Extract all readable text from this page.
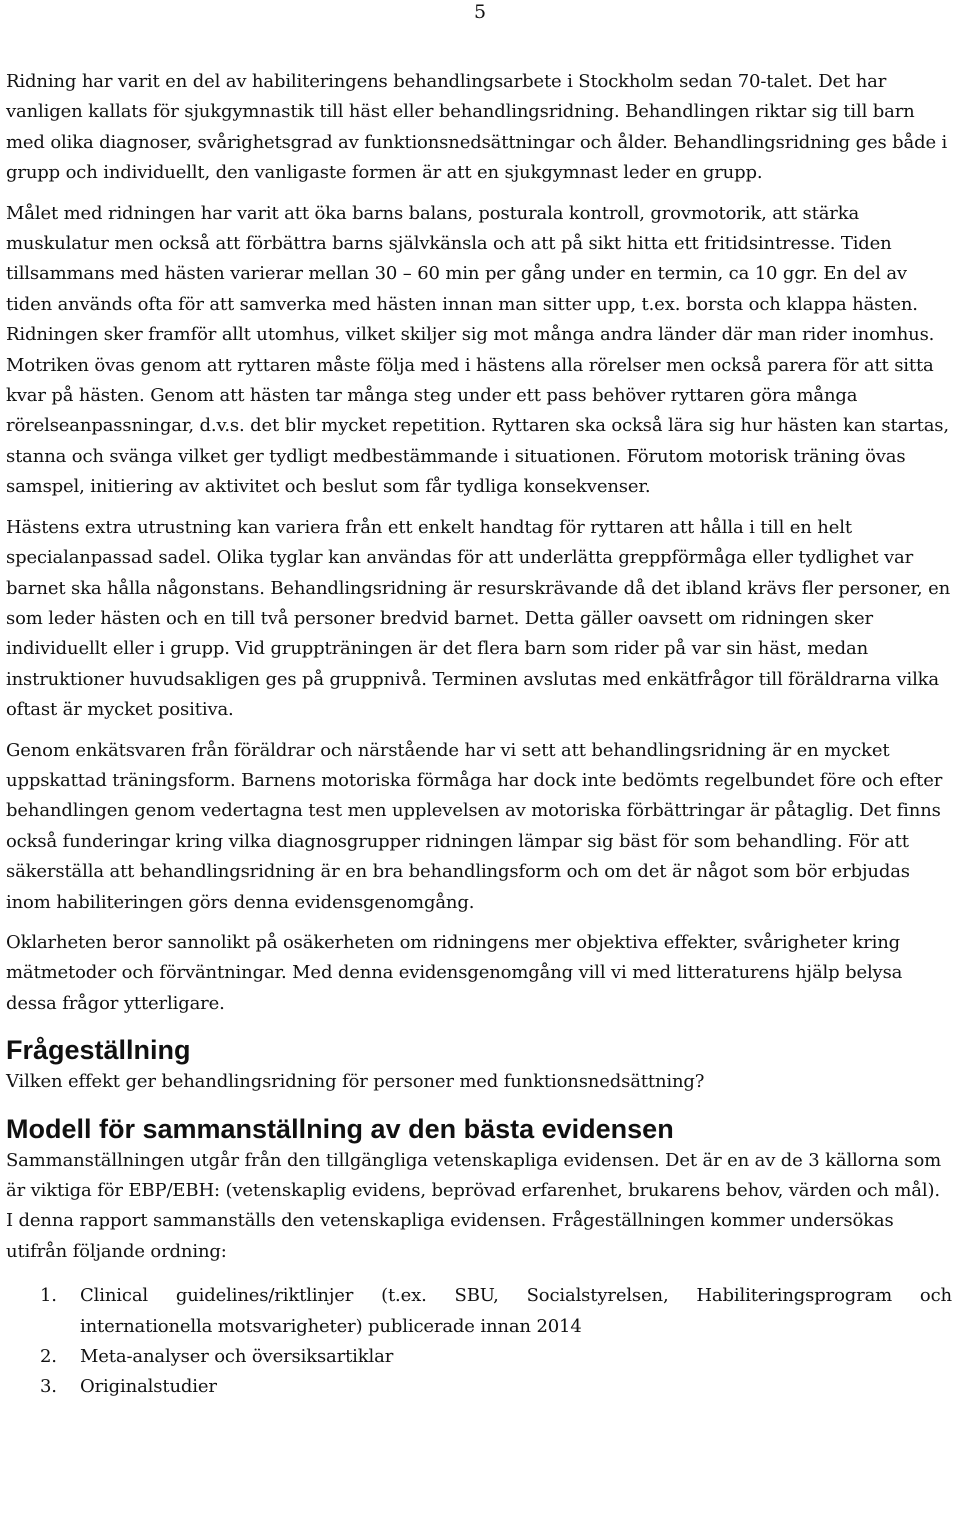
5

Ridning har varit en del av habiliteringens behandlingsarbete i Stockholm sedan 70-talet. Det har vanligen kallats för sjukgymnastik till häst eller behandlingsridning. Behandlingen riktar sig till barn med olika diagnoser, svårighetsgrad av funktionsnedsättningar och ålder. Behandlingsridning ges både i grupp och individuellt, den vanligaste formen är att en sjukgymnast leder en grupp.

Målet med ridningen har varit att öka barns balans, posturala kontroll, grovmotorik, att stärka muskulatur men också att förbättra barns självkänsla och att på sikt hitta ett fritidsintresse. Tiden tillsammans med hästen varierar mellan 30 – 60 min per gång under en termin, ca 10 ggr. En del av tiden används ofta för att samverka med hästen innan man sitter upp, t.ex. borsta och klappa hästen. Ridningen sker framför allt utomhus, vilket skiljer sig mot många andra länder där man rider inomhus. Motriken övas genom att ryttaren måste följa med i hästens alla rörelser men också parera för att sitta kvar på hästen. Genom att hästen tar många steg under ett pass behöver ryttaren göra många rörelseanpassningar, d.v.s. det blir mycket repetition. Ryttaren ska också lära sig hur hästen kan startas, stanna och svänga vilket ger tydligt medbestämmande i situationen. Förutom motorisk träning övas samspel, initiering av aktivitet och beslut som får tydliga konsekvenser.

Hästens extra utrustning kan variera från ett enkelt handtag för ryttaren att hålla i till en helt specialanpassad sadel. Olika tyglar kan användas för att underlätta greppförmåga eller tydlighet var barnet ska hålla någonstans. Behandlingsridning är resurskrävande då det ibland krävs fler personer, en som leder hästen och en till två personer bredvid barnet. Detta gäller oavsett om ridningen sker individuellt eller i grupp. Vid gruppträningen är det flera barn som rider på var sin häst, medan instruktioner huvudsakligen ges på gruppnivå. Terminen avslutas med enkätfrågor till föräldrarna vilka oftast är mycket positiva.

Genom enkätsvaren från föräldrar och närstående har vi sett att behandlingsridning är en mycket uppskattad träningsform. Barnens motoriska förmåga har dock inte bedömts regelbundet före och efter behandlingen genom vedertagna test men upplevelsen av motoriska förbättringar är påtaglig. Det finns också funderingar kring vilka diagnosgrupper ridningen lämpar sig bäst för som behandling. För att säkerställa att behandlingsridning är en bra behandlingsform och om det är något som bör erbjudas inom habiliteringen görs denna evidensgenomgång.

Oklarheten beror sannolikt på osäkerheten om ridningens mer objektiva effekter, svårigheter kring mätmetoder och förväntningar. Med denna evidensgenomgång vill vi med litteraturens hjälp belysa dessa frågor ytterligare.

Frågeställning

Vilken effekt ger behandlingsridning för personer med funktionsnedsättning?

Modell för sammanställning av den bästa evidensen

Sammanställningen utgår från den tillgängliga vetenskapliga evidensen. Det är en av de 3 källorna som är viktiga för EBP/EBH: (vetenskaplig evidens, beprövad erfarenhet, brukarens behov, värden och mål). I denna rapport sammanställs den vetenskapliga evidensen. Frågeställningen kommer undersökas utifrån följande ordning:

1. Clinical guidelines/riktlinjer (t.ex. SBU, Socialstyrelsen, Habiliteringsprogram och internationella motsvarigheter) publicerade innan 2014
2. Meta-analyser och översiksartiklar
3. Originalstudier
